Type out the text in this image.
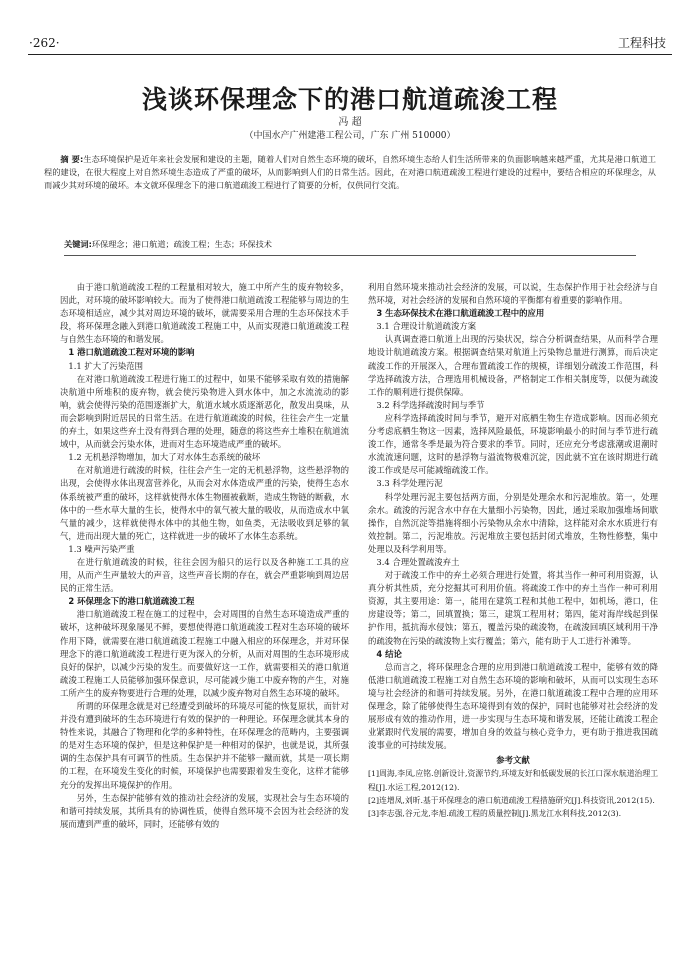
·262·	工程科技
浅谈环保理念下的港口航道疏浚工程
冯 超
（中国水产广州建港工程公司，广东 广州 510000）
摘 要:生态环境保护是近年来社会发展和建设的主题，随着人们对自然生态环境的破坏，自然环境生态给人们生活所带来的负面影响越来越严重，尤其是港口航道工程的建设，在很大程度上对自然环境生态造成了严重的破坏，从而影响到人们的日常生活。因此，在对港口航道疏浚工程进行建设的过程中，要结合相应的环保理念，从而减少其对环境的破坏。本文就环保理念下的港口航道疏浚工程进行了简要的分析，仅供同行交流。
关键词:环保理念；港口航道；疏浚工程；生态；环保技术

由于港口航道疏浚工程的工程量相对较大，施工中所产生的废弃物较多，因此，对环境的破坏影响较大。而为了使得港口航道疏浚工程能够与周边的生态环境相适应，减少其对周边环境的破坏，就需要采用合理的生态环保技术手段，将环保理念融入到港口航道疏浚工程施工中，从而实现港口航道疏浚工程与自然生态环境的和谐发展。

1 港口航道疏浚工程对环境的影响

1.1 扩大了污染范围

在对港口航道疏浚工程进行施工的过程中，如果不能够采取有效的措施解决航道中所堆积的废弃物，就会使污染物进入到水体中，加之水流流动的影响，就会使得污染的范围逐渐扩大，航道水域水质逐渐恶化，散发出臭味，从而会影响到附近居民的日常生活。在进行航道疏浚的时候，往往会产生一定量的弃土，如果这些弃土没有得到合理的处理，随意的将这些弃土堆积在航道流域中，从而就会污染水体，进而对生态环境造成严重的破坏。

1.2 无机悬浮物增加，加大了对水体生态系统的破坏

在对航道进行疏浚的时候，往往会产生一定的无机悬浮物，这些悬浮物的出现，会使得水体出现富营养化，从而会对水体造成严重的污染，使得生态水体系统被严重的破坏，这样就使得水体生物圈被截断，造成生物链的断截，水体中的一些水草大量的生长，使得水中的氧气被大量的吸收，从而造成水中氧气量的减少，这样就使得水体中的其他生物，如鱼类，无法吸收到足够的氧气，进而出现大量的死亡，这样就进一步的破坏了水体生态系统。

1.3 噪声污染严重

在进行航道疏浚的时候，往往会因为船只的运行以及各种施工工具的应用，从而产生声量较大的声音，这些声音长期的存在，就会严重影响到周边居民的正常生活。

2 环保理念下的港口航道疏浚工程

港口航道疏浚工程在施工的过程中，会对周围的自然生态环境造成严重的破坏，这种破坏现象屡见不鲜，要想使得港口航道疏浚工程对生态环境的破坏作用下降，就需要在港口航道疏浚工程施工中融入相应的环保理念，并对环保理念下的港口航道疏浚工程进行更为深入的分析，从而对周围的生态环境形成良好的保护，以减少污染的发生。而要做好这一工作，就需要相关的港口航道疏浚工程施工人员能够加强环保意识，尽可能减少施工中废弃物的产生，对施工所产生的废弃物要进行合理的处理，以减少废弃物对自然生态环境的破坏。

所谓的环保理念就是对已经遭受到破坏的环境尽可能的恢复原状，而针对并没有遭到破坏的生态环境进行有效的保护的一种理论。环保理念就其本身的特性来说，其融合了物理和化学的多种特性，在环保理念的范畴内，主要强调的是对生态环境的保护，但是这种保护是一种相对的保护，也就是说，其所强调的生态保护具有可调节的性质。生态保护并不能够一蹴而就，其是一项长期的工程，在环境发生变化的时候，环境保护也需要跟着发生变化，这样才能够充分的发挥出环境保护的作用。

另外，生态保护能够有效的推动社会经济的发展，实现社会与生态环境的和谐可持续发展，其所具有的协调性质，使得自然环境不会因为社会经济的发展而遭到严重的破坏，同时，还能够有效的

利用自然环境来推动社会经济的发展，可以说，生态保护作用于社会经济与自然环境，对社会经济的发展和自然环境的平衡都有着重要的影响作用。

3 生态环保技术在港口航道疏浚工程中的应用

3.1 合理设计航道疏浚方案

认真调查港口航道上出现的污染状况，综合分析调查结果，从而科学合理地设计航道疏浚方案。根据调查结果对航道上污染物总量进行测算，而后决定疏浚工作的开展深入，合理布置疏浚工作的规模，详细划分疏浚工作范围，科学选择疏浚方法，合理选用机械设备，严格制定工作相关制度等，以便为疏浚工作的顺利进行提供保障。

3.2 科学选择疏浚时间与季节

应科学选择疏浚时间与季节，避开对底栖生物生存造成影响。因而必须充分考虑底栖生物这一因素，选择风险最低，环境影响最小的时间与季节进行疏浚工作，通常冬季是最为符合要求的季节。同时，还应充分考虑涨潮或退潮时水流流速问题，这时的悬浮物与溢流物极难沉淀，因此就不宜在该时期进行疏浚工作或是尽可能减缩疏浚工作。

3.3 科学处理污泥

科学处理污泥主要包括两方面，分别是处理余水和污泥堆放。第一，处理余水。疏浚的污泥含水中存在大量细小污染物，因此，通过采取加强堆场间歇操作，自然沉淀等措施将细小污染物从余水中清除，这样能对余水水质进行有效控制。第二，污泥堆放。污泥堆放主要包括封闭式堆放，生物性修整，集中处理以及科学利用等。

3.4 合理处置疏浚弃土

对于疏浚工作中的弃土必须合理进行处置，将其当作一种可利用资源，认真分析其性质，充分挖掘其可利用价值。将疏浚工作中的弃土当作一种可利用资源，其主要用途：第一，能用在建筑工程和其他工程中，如机场，港口，住房建设等；第二，回填置换；第三，建筑工程用材；第四，能对海岸线起到保护作用，抵抗海水侵蚀；第五，覆盖污染的疏浚物，在疏浚回填区域利用干净的疏浚物在污染的疏浚物上实行覆盖；第六，能有助于人工进行补滩等。

4 结论

总而言之，将环保理念合理的应用到港口航道疏浚工程中，能够有效的降低港口航道疏浚工程施工对自然生态环境的影响和破坏，从而可以实现生态环境与社会经济的和谐可持续发展。另外，在港口航道疏浚工程中合理的应用环保理念，除了能够使得生态环境得到有效的保护，同时也能够对社会经济的发展形成有效的推动作用，进一步实现与生态环境和谐发展，还能让疏浚工程企业紧跟时代发展的需要，增加自身的效益与核心竞争力，更有助于推进我国疏浚事业的可持续发展。

参考文献

[1]周海,李凤,应铭.创新设计,资源节约,环境友好和低碳发展的长江口深水航道治理工程[J].水运工程,2012(12).

[2]连增凤,刘昕.基于环保理念的港口航道疏浚工程措施研究[J].科技资讯,2012(15).

[3]李志强,谷元龙,李旭.疏浚工程的质量控制[J].黑龙江水利科技,2012(3).
